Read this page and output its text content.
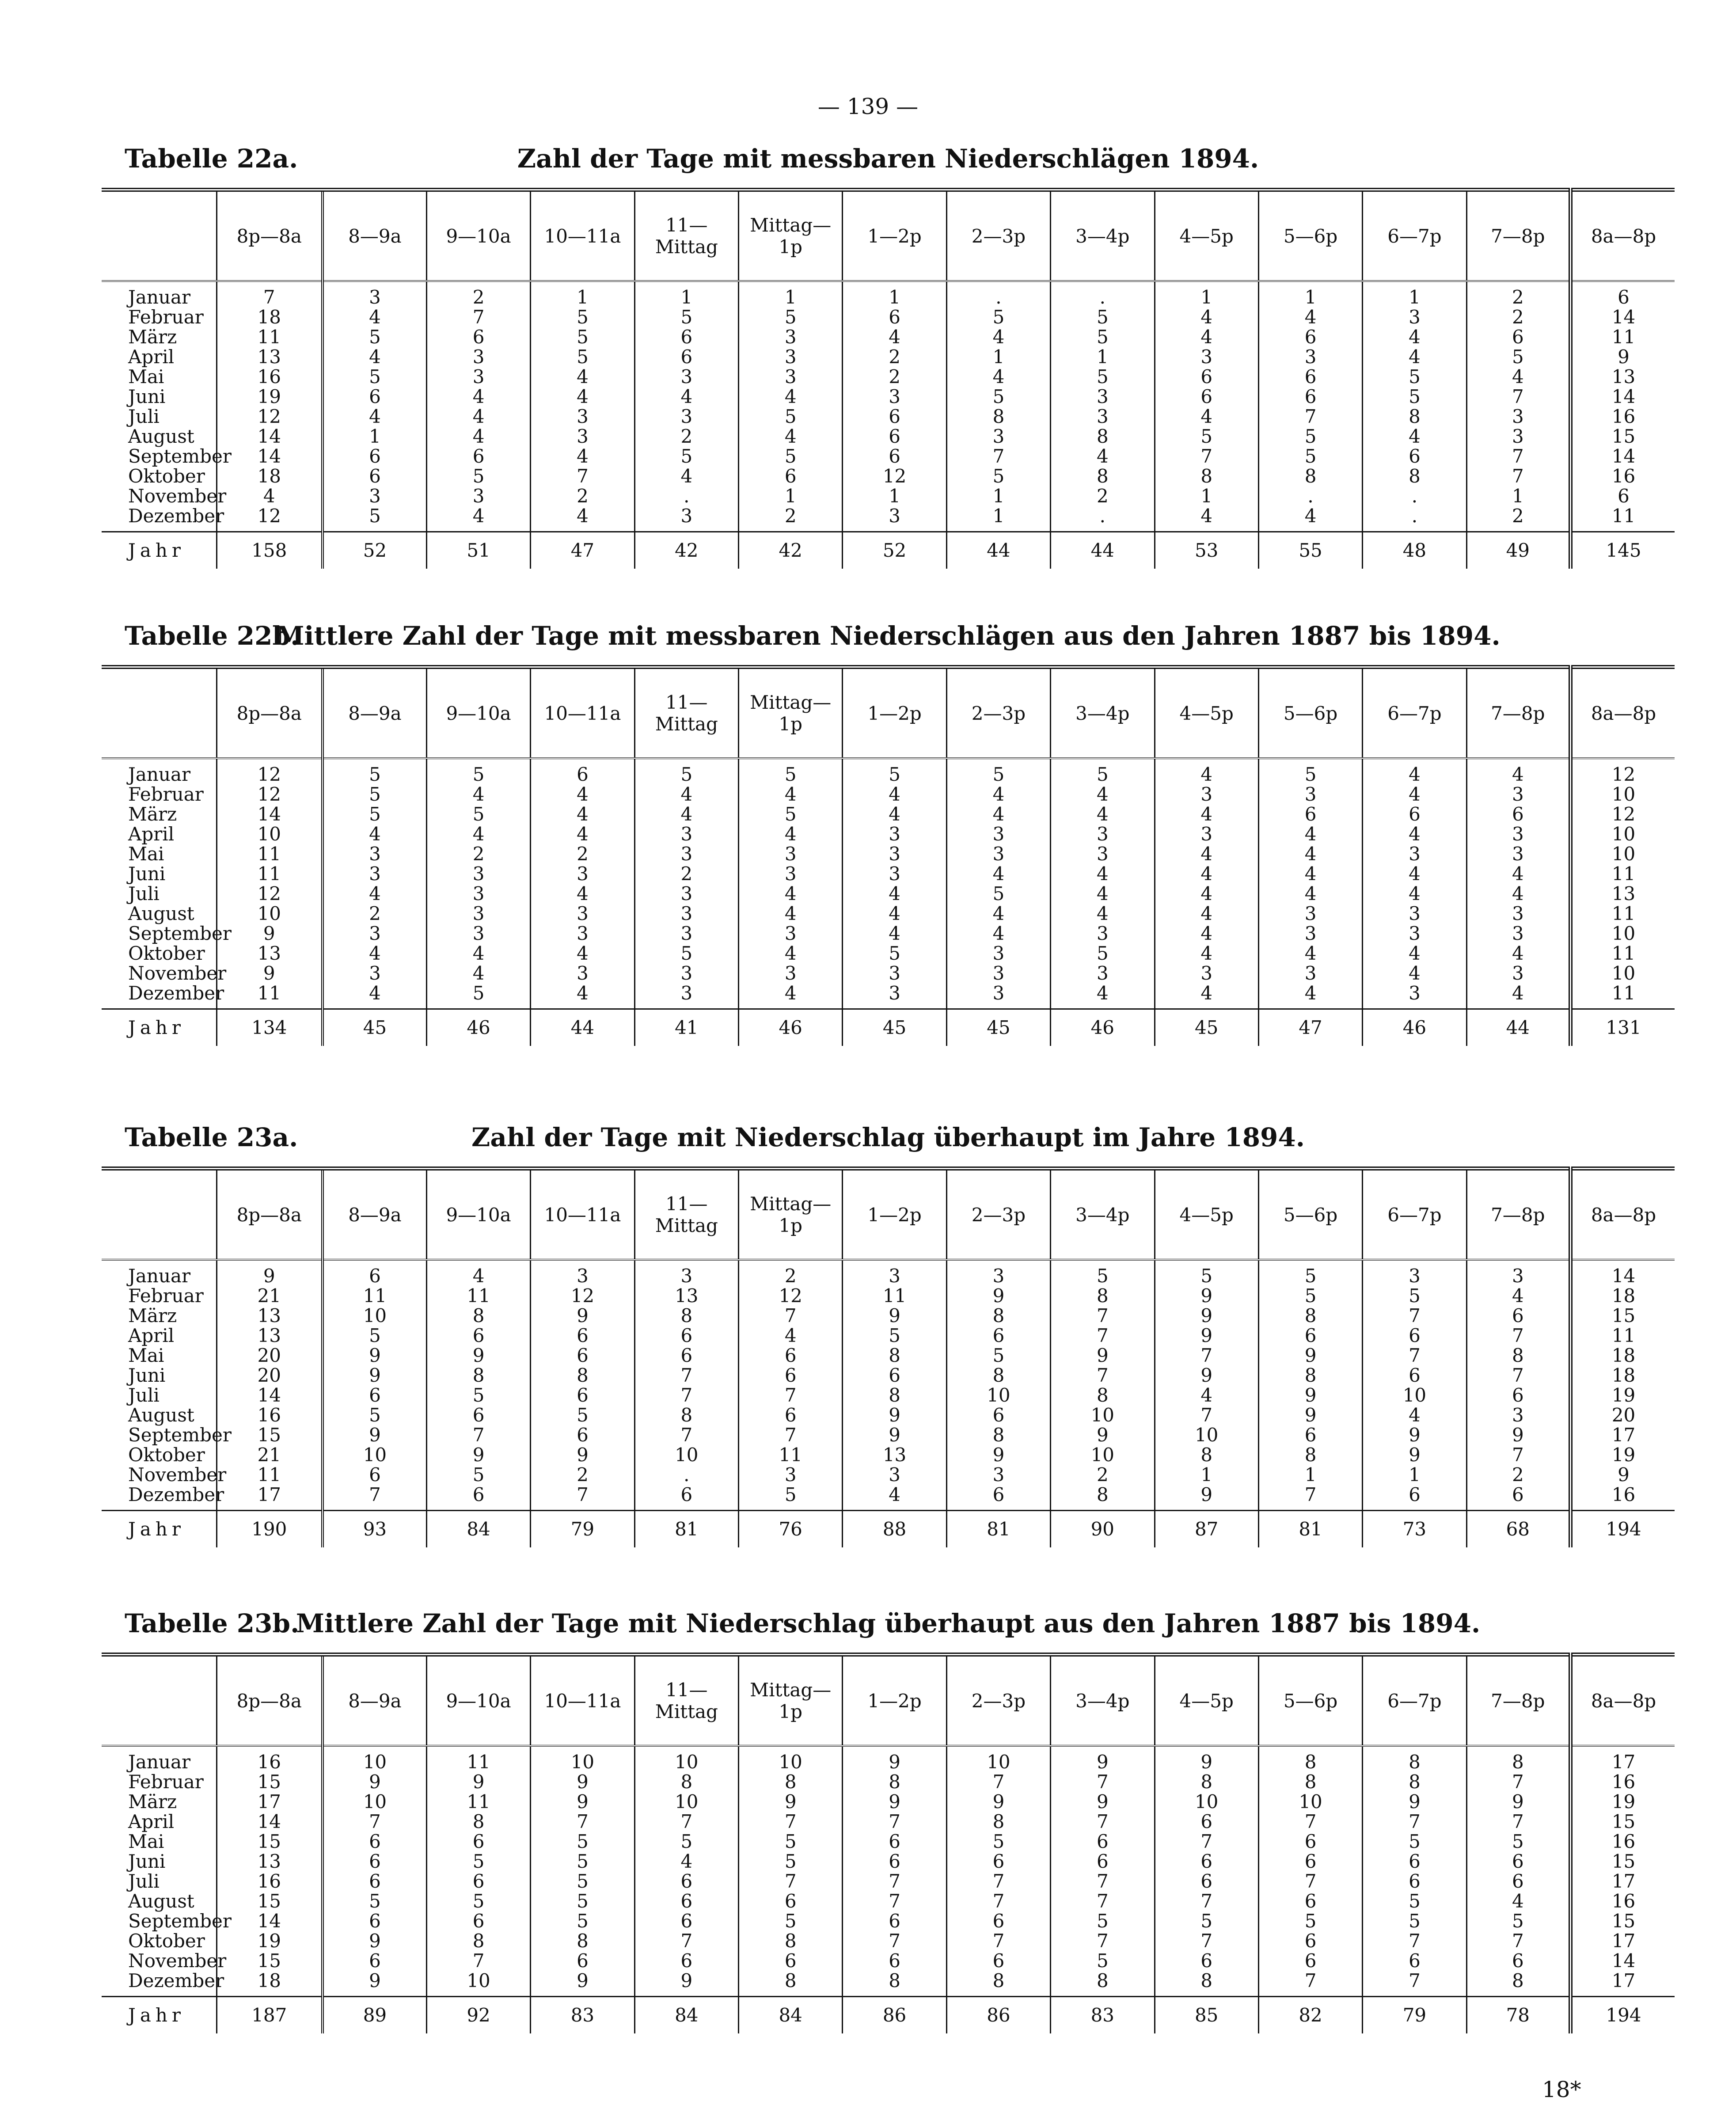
— 139 —
Tabelle 22a.	Zahl der Tage mit messbaren Niederschlägen 1894.
	8p—8a	8—9a	9—10a	10—11a	11—Mittag	Mittag—1p	1—2p	2—3p	3—4p	4—5p	5—6p	6—7p	7—8p	8a—8p
Januar	7	3	2	1	1	1	1	.	.	1	1	1	2	6
Februar	18	4	7	5	5	5	6	5	5	4	4	3	2	14
März	11	5	6	5	6	3	4	4	5	4	6	4	6	11
April	13	4	3	5	6	3	2	1	1	3	3	4	5	9
Mai	16	5	3	4	3	3	2	4	5	6	6	5	4	13
Juni	19	6	4	4	4	4	3	5	3	6	6	5	7	14
Juli	12	4	4	3	3	5	6	8	3	4	7	8	3	16
August	14	1	4	3	2	4	6	3	8	5	5	4	3	15
September	14	6	6	4	5	5	6	7	4	7	5	6	7	14
Oktober	18	6	5	7	4	6	12	5	8	8	8	8	7	16
November	4	3	3	2	.	1	1	1	2	1	.	.	1	6
Dezember	12	5	4	4	3	2	3	1	.	4	4	.	2	11
Jahr	158	52	51	47	42	42	52	44	44	53	55	48	49	145
Tabelle 22b.
Mittlere Zahl der Tage mit messbaren Niederschlägen aus den Jahren 1887 bis 1894.
	8p—8a	8—9a	9—10a	10—11a	11—Mittag	Mittag—1p	1—2p	2—3p	3—4p	4—5p	5—6p	6—7p	7—8p	8a—8p
Januar	12	5	5	6	5	5	5	5	5	4	5	4	4	12
Februar	12	5	4	4	4	4	4	4	4	3	3	4	3	10
März	14	5	5	4	4	5	4	4	4	4	6	6	6	12
April	10	4	4	4	3	4	3	3	3	3	4	4	3	10
Mai	11	3	2	2	3	3	3	3	3	4	4	3	3	10
Juni	11	3	3	3	2	3	3	4	4	4	4	4	4	11
Juli	12	4	3	4	3	4	4	5	4	4	4	4	4	13
August	10	2	3	3	3	4	4	4	4	4	3	3	3	11
September	9	3	3	3	3	3	4	4	3	4	3	3	3	10
Oktober	13	4	4	4	5	4	5	3	5	4	4	4	4	11
November	9	3	4	3	3	3	3	3	3	3	3	4	3	10
Dezember	11	4	5	4	3	4	3	3	4	4	4	3	4	11
Jahr	134	45	46	44	41	46	45	45	46	45	47	46	44	131
Tabelle 23a.	Zahl der Tage mit Niederschlag überhaupt im Jahre 1894.
	8p—8a	8—9a	9—10a	10—11a	11—Mittag	Mittag—1p	1—2p	2—3p	3—4p	4—5p	5—6p	6—7p	7—8p	8a—8p
Januar	9	6	4	3	3	2	3	3	5	5	5	3	3	14
Februar	21	11	11	12	13	12	11	9	8	9	5	5	4	18
März	13	10	8	9	8	7	9	8	7	9	8	7	6	15
April	13	5	6	6	6	4	5	6	7	9	6	6	7	11
Mai	20	9	9	6	6	6	8	5	9	7	9	7	8	18
Juni	20	9	8	8	7	6	6	8	7	9	8	6	7	18
Juli	14	6	5	6	7	7	8	10	8	4	9	10	6	19
August	16	5	6	5	8	6	9	6	10	7	9	4	3	20
September	15	9	7	6	7	7	9	8	9	10	6	9	9	17
Oktober	21	10	9	9	10	11	13	9	10	8	8	9	7	19
November	11	6	5	2	.	3	3	3	2	1	1	1	2	9
Dezember	17	7	6	7	6	5	4	6	8	9	7	6	6	16
Jahr	190	93	84	79	81	76	88	81	90	87	81	73	68	194
Tabelle 23b.
Mittlere Zahl der Tage mit Niederschlag überhaupt aus den Jahren 1887 bis 1894.
	8p—8a	8—9a	9—10a	10—11a	11—Mittag	Mittag—1p	1—2p	2—3p	3—4p	4—5p	5—6p	6—7p	7—8p	8a—8p
Januar	16	10	11	10	10	10	9	10	9	9	8	8	8	17
Februar	15	9	9	9	8	8	8	7	7	8	8	8	7	16
März	17	10	11	9	10	9	9	9	9	10	10	9	9	19
April	14	7	8	7	7	7	7	8	7	6	7	7	7	15
Mai	15	6	6	5	5	5	6	5	6	7	6	5	5	16
Juni	13	6	5	5	4	5	6	6	6	6	6	6	6	15
Juli	16	6	6	5	6	7	7	7	7	6	7	6	6	17
August	15	5	5	5	6	6	7	7	7	7	6	5	4	16
September	14	6	6	5	6	5	6	6	5	5	5	5	5	15
Oktober	19	9	8	8	7	8	7	7	7	7	6	7	7	17
November	15	6	7	6	6	6	6	6	5	6	6	6	6	14
Dezember	18	9	10	9	9	8	8	8	8	8	7	7	8	17
Jahr	187	89	92	83	84	84	86	86	83	85	82	79	78	194
18*
